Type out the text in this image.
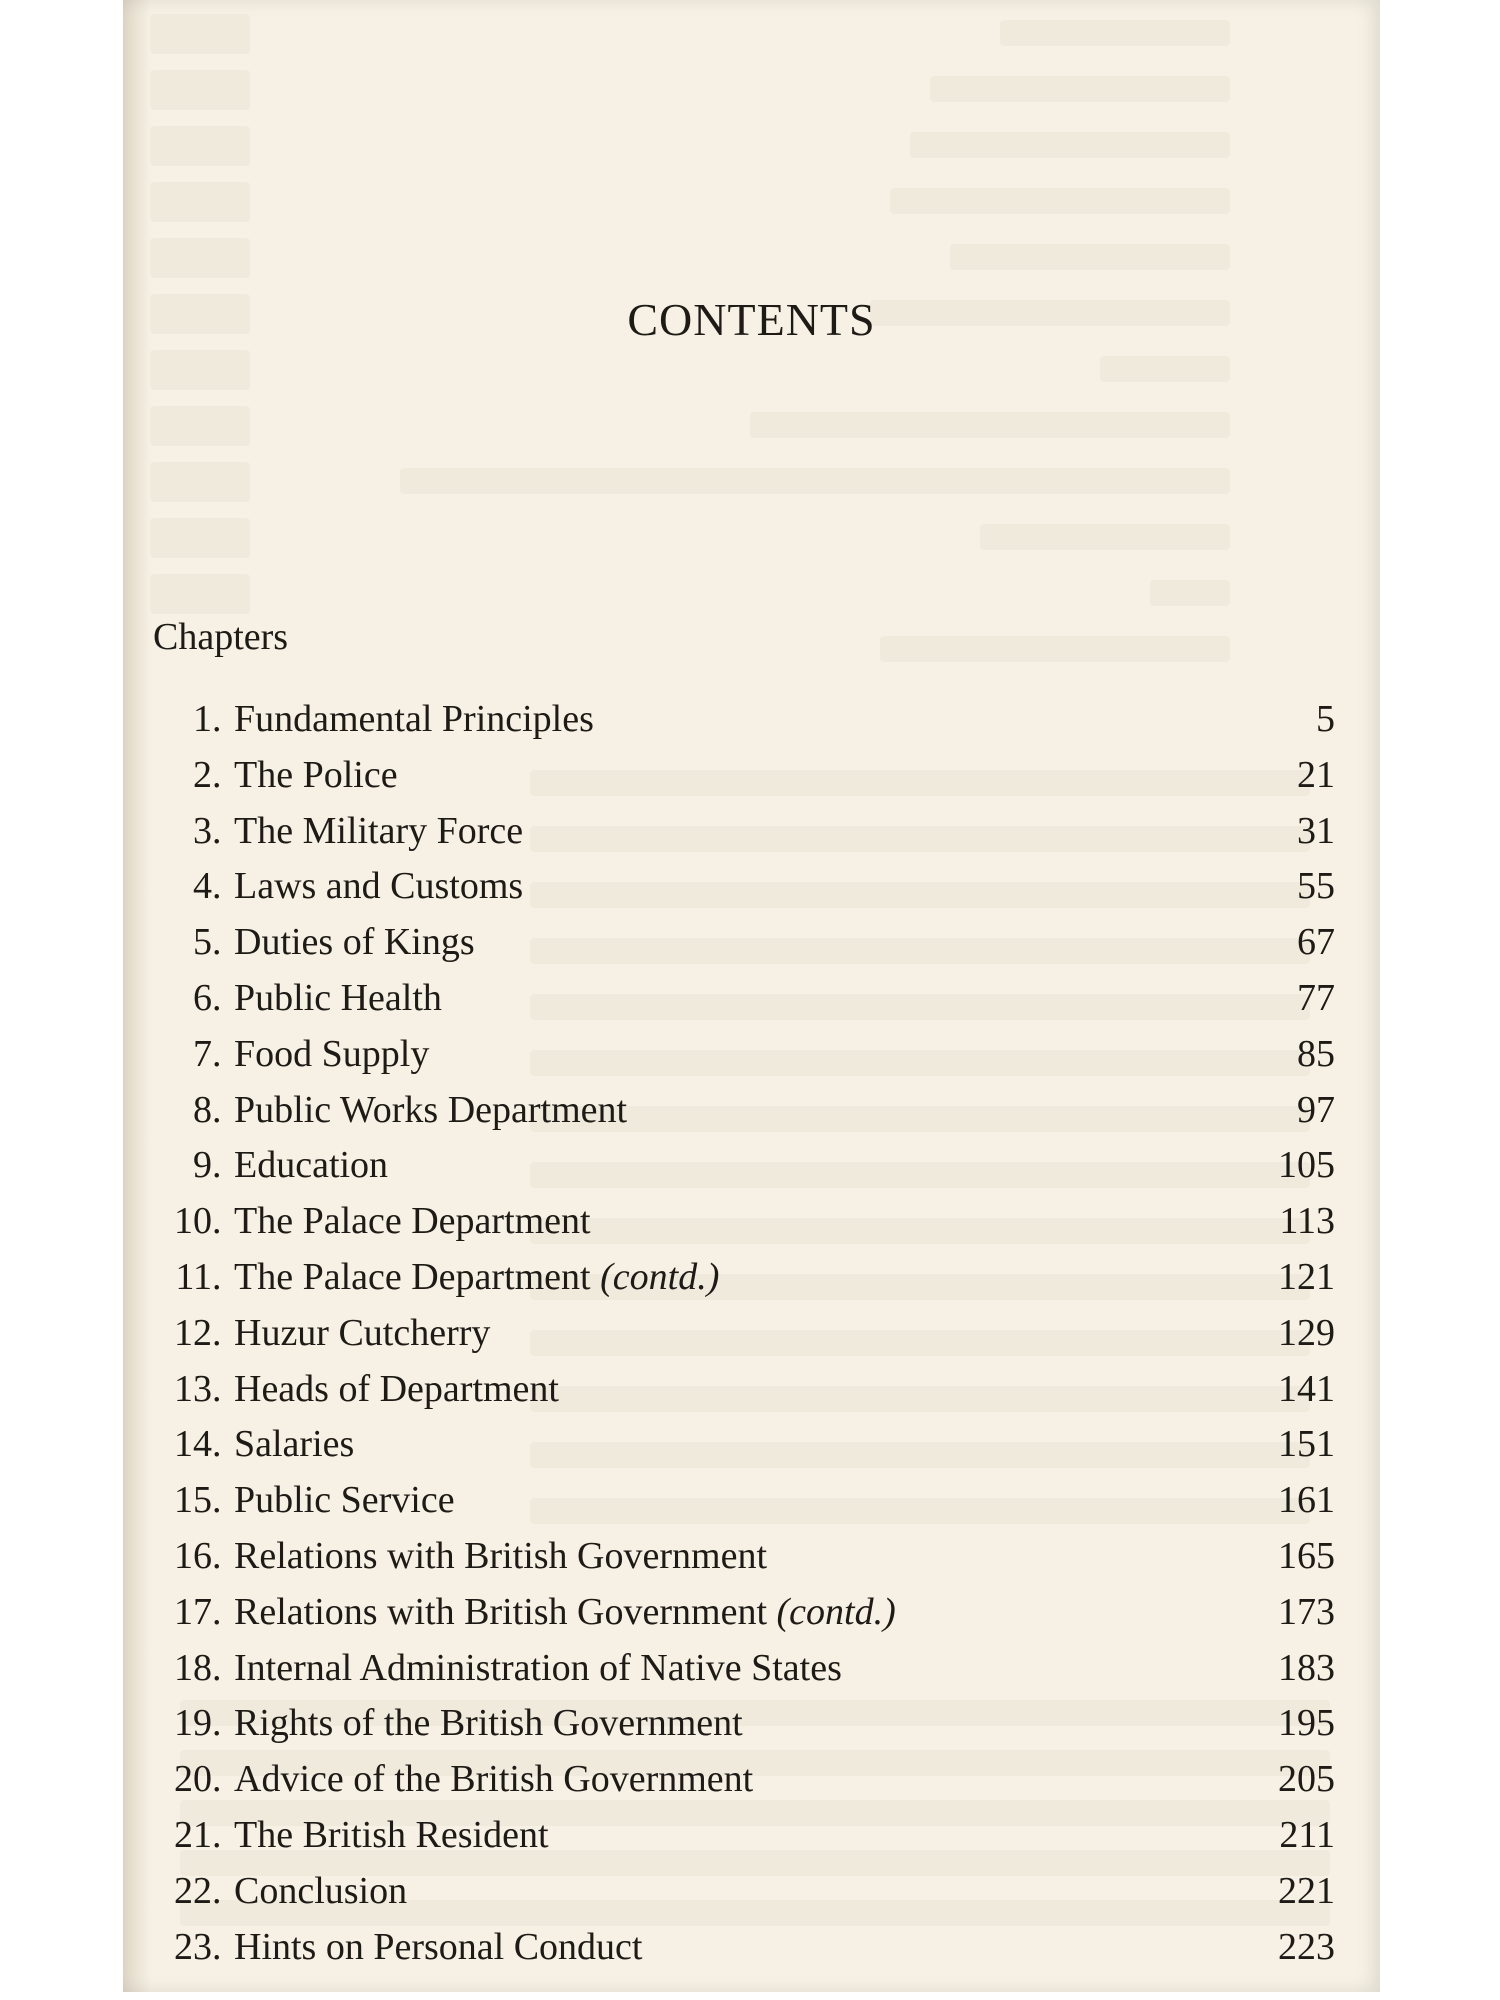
CONTENTS
Chapters
1 . Fundamental Principles	5
2 . The Police	21
3 . The Military Force	31
4 . Laws and Customs	55
5 . Duties of Kings	67
6 . Public Health	77
7 . Food Supply	85
8 . Public Works Department	97
9 . Education	105
10 . The Palace Department	113
11 . The Palace Department (contd.)	121
12 . Huzur Cutcherry	129
13 . Heads of Department	141
14 . Salaries	151
15 . Public Service	161
16 . Relations with British Government	165
17 . Relations with British Government (contd.)	173
18 . Internal Administration of Native States	183
19 . Rights of the British Government	195
20 . Advice of the British Government	205
21 . The British Resident	211
22 . Conclusion	221
23 . Hints on Personal Conduct	223
